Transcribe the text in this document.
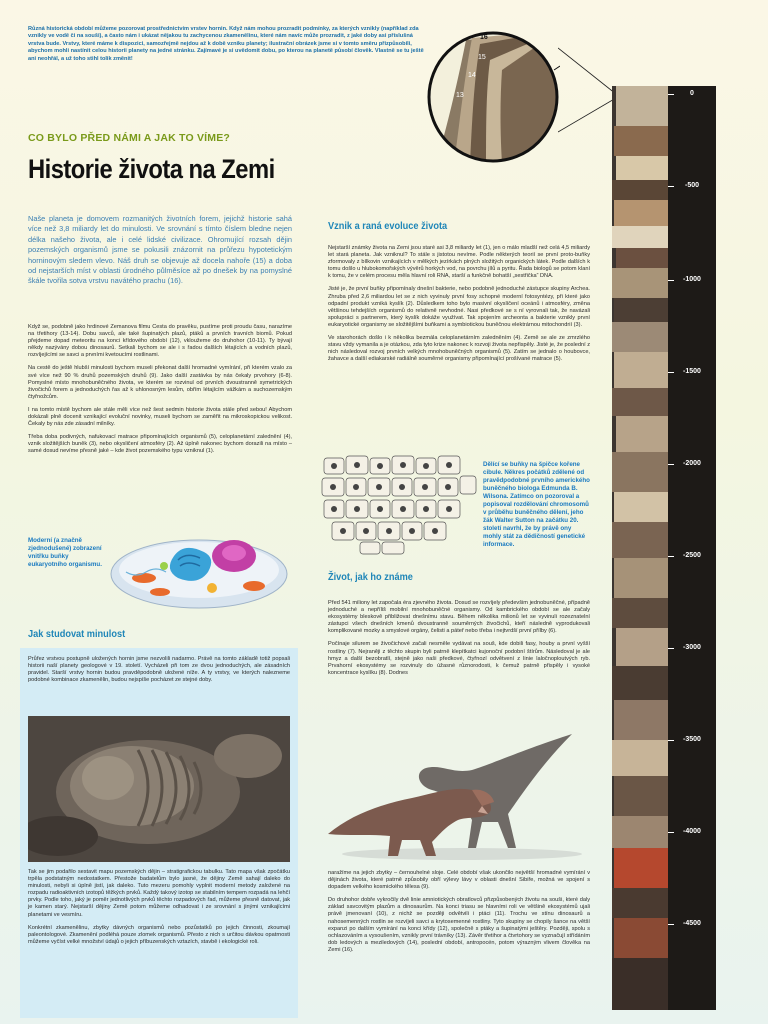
Různá historická období můžeme pozorovat prostřednictvím vrstev hornin. Když nám mohou prozradit podmínky, za kterých vznikly (například zda vznikly ve vodě či na souši), a často nám i ukázat nějakou tu zachycenou zkamenělinu, které nám navíc může prozradit, z jaké doby asi příslušná vrstva bude. Vrstvy, které máme k dispozici, samozřejmě nejdou až k době vzniku planety; ilustrační obrázek jsme si v tomto směru přizpůsobili, abychom mohli nastínit celou historii planety na jedné stránku. Zajímavé je si uvědomit dobu, po kterou na planetě působí člověk. Vlastně se tu ještě ani neohřál, a už toho stihl tolik změnit!

16
15
14
13
CO BYLO PŘED NÁMI A JAK TO VÍME?
Historie života na Zemi

Naše planeta je domovem rozmanitých životních forem, jejichž historie sahá více než 3,8 miliardy let do minulosti. Ve srovnání s tímto číslem bledne nejen délka našeho života, ale i celé lidské civilizace. Ohromující rozsah dějin pozemských organismů jsme se pokusili znázornit na průřezu hypotetickým horninovým sledem vlevo. Náš druh se objevuje až docela nahoře (15) a doba od nejstarších míst v oblasti úrodného půlměsíce až po dnešek by na pomyslné škále tvořila sotva vrstvu navátého prachu (16).

Když se, podobně jako hrdinové Zemanova filmu Cesta do pravěku, pustíme proti proudu času, narazíme na třetihory (13-14). Dobu savců, ale také šupinatých plazů, ptáků a prvních travních biomů. Pokud přejdeme dopad meteoritu na konci křídového období (12), vkloužeme do druhohor (10-11). Ty bývají někdy nazývány dobou dinosaurů. Setkali bychom se ale i s řadou dalších létajících a vodních plazů, rozvíjejícími se savci a prvními kvetoucími rostlinami.

Na cestě do ještě hlubší minulosti bychom museli překonat další hromadné vymírání, při kterém vzalo za své více než 90 % druhů pozemských druhů (9). Jako další zastávka by nás čekaly prvohory (6-8). Pomyslné místo mnohobuněčného života, ve kterém se rozvinul od prvních dvoustranně symetrických živočichů forem a jednoduchých řas až k uhlonosným lesům, obřím létajícím vážkám a suchozemským čtyřnožcům.

I na tomto místě bychom ale stále měli více než šest sedmin historie života stále před sebou! Abychom dokázali plně docenit vznikající evoluční novinky, museli bychom se zaměřit na mikroskopickou velikost. Čekaly by nás zde zásadní milníky.

Třeba doba podivných, nafukovací matrace připomínajících organismů (5), celoplanetární zalednění (4), vznik složitějších buněk (3), nebo okysličení atmosféry (2). Až úplně nakonec bychom dorazili na místo – samé dosud nevíme přesně jaké – kde život pozemského typu vzniknul (1).

Moderní (a značně zjednodušené) zobrazení vnitřku buňky eukaryotního organismu.

Jak studovat minulost

Průřez vrstvou postupně uložených hornin jsme nezvolili nadarmo. Právě na tomto základě totiž popsali historii naší planety geologové v 19. století. Vycházeli při tom ze dvou jednoduchých, ale zásadních pravidel. Starší vrstvy hornin budou pravděpodobně uložené níže. A ty vrstvy, ve kterých nalezneme podobné kombinace zkamenělin, budou nejspíše pocházet ze stejné doby.

Tak se jim podařilo sestavit mapu pozemských dějin – stratigrafickou tabulku. Tato mapa však zpočátku trpěla podstatným nedostatkem. Přestože badatelům bylo jasné, že dějiny Země sahají daleko do minulosti, nebyli si úplně jistí, jak daleko. Tuto mezeru pomohly vyplnit moderní metody založené na rozpadu radioaktivních izotopů těžkých prvků. Každý takový izotop se stabilním tempem rozpadá na lehčí prvky. Podle toho, jaký je poměr jednotlivých prvků těchto rozpadových řad, můžeme přesně datovat, jak je kamen starý. Nejstarší dějiny Země potom můžeme odhadovat i ze srovnání s jinými vznikajícími planetami ve vesmíru.

Konkrétní zkamenělinu, zbytky dávných organismů nebo pozůstatků po jejich činnosti, zkoumají paleontologové. Zkamenění podléhá pouze zlomek organismů. Přesto z nich s určitou dávkou opatrnosti můžeme vyčíst velké množství údajů o jejich příbuzenských vztazích, stavbě i ekologické roli.

Vznik a raná evoluce života

Nejstarší známky života na Zemi jsou staré asi 3,8 miliardy let (1), jen o málo mladší než celá 4,5 miliardy let stará planeta. Jak vzniknul? To stále s jistotou nevíme. Podle některých teorií se první proto-buňky zformovaly z bílkovin vznikajících v mělkých jezírkách plných složitých organických látek. Podle dalších k tomu došlo u hlubokomořských vývěrů horkých vod, na povrchu jílů a pyritu. Řada biologů se potom klaní k tomu, že v celém procesu měla hlavní roli RNA, starší a funkčně bohatší „sestřička“ DNA.

Jisté je, že první buňky připomínaly dnešní bakterie, nebo podobně jednoduché zástupce skupiny Archea. Zhruba před 2,6 miliardou let se z nich vyvinuly první fosy schopné moderní fotosyntézy, při které jako odpadní produkt vzniká kyslík (2). Důsledkem toho bylo masivní okyslíčení oceánů i atmosféry, změna většinou tehdejších organismů do relativně nevhodné. Nasi předkové se s ní vyrovnali tak, že navázali spolupráci s partnerem, který kyslík dokáže využívat. Tak spojením archeonta a bakterie vznikly první eukaryotické organismy se složitějšími buňkami a symbiotickou buněčnou elektrárnou mitochondrií (3).

Ve starohorách došlo i k několika bezmála celoplanetárním zaledněním (4). Země se ale ze zmrzlého stavu vždy vymanila a je otázkou, zda tyto krize nakonec k rozvoji života nepřispěly. Jisté je, že poslední z nich následoval rozvoj prvních velkých mnohobuněčných organismů (5). Zatím se jednalo o houbovce, žahavce a další ediakarské radiálně souměrné organismy připomínající prošívané matrace (5).

Dělící se buňky na špičce kořene cibule. Někres počátků zdělené od pravědpodobné prvního amerického buněčného biologa Edmunda B. Wilsona. Zatímco on pozoroval a popisoval rozdělování chromosomů v průběhu buněčného dělení, jeho žák Walter Sutton na začátku 20. století navrhl, že by právě ony mohly stát za dědičností genetické informace.

Život, jak ho známe

Před 541 miliony let započala éra zjevného života. Dosud se rozvíjely předevšim jednobuněčné, případně jednoduché a nepříliš mobilní mnohobuněčné organismy. Od kambrického období se ale začaly ekosystémy bleskově přibližovat dnešnímu stavu. Během několika milionů let se vyvinuli rozeznatelní zástupci všech dnešních kmenů dvoustranně souměrných živočichů, kteří následně vyprodukovali komplikované mozky a smyslové orgány, čelisti a páteř nebo třeba i nejtvrdší první přílby (6).

Počínaje silurem se živočichové začali nesměle vydávat na souš, kde dobili fasy, houby a první vyšší rostliny (7). Nejraněji z těchto skupin byli patrně klepítkatci kujonoční podobní štírům. Následoval je ale hmyz a další bezobratlí, stejně jako naši předkové, čtyřnozí odvětvení z linie laločnoploutvých ryb. Prvahorní ekosystémy se rozvinuly do úžasné různorodosti, k čemuž patrně přispěly i vysoké koncentrace kyslíku (8). Dodnes

naražíme na jejich zbytky – černouhelné sloje. Celé období však ukončilo největší hromadné vymírání v dějinách života, které patrně způsobily obří výlevy lávy v oblasti dnešní Sibiře, možná ve spojení s dopadem velkého kosmického tělesa (9).

Do druhohor dobře vykročily dvě linie amniotických obratlovců přizpůsobených životu na souši, které daly základ savcovitým plazům a dinosaurům. Na konci triasu se hlavními roli ve většině ekosystémů ujali právě jmenovaní (10), z nichž se později odvětvili i ptáci (11). Trochu ve stínu dinosaurů a nahosemenných rostlin se rozvíjeli savci a krytosemenné rostliny. Tyto skupiny se chopily šance na větší expanzi po dalším vymírání na konci křídy (12), společně s ptáky a šupinatými ještěry. Později, spolu s ochlazováním a vysoušením, vznikly první trávníky (13). Závěr třetihor a čtvrtohory se vyznačují střídáním dob ledových a meziledových (14), poslední období, antropocén, potom výrazným vlivem člověka na Zemi (16).

0
-500
-1000
-1500
-2000
-2500
-3000
-3500
-4000
-4500
